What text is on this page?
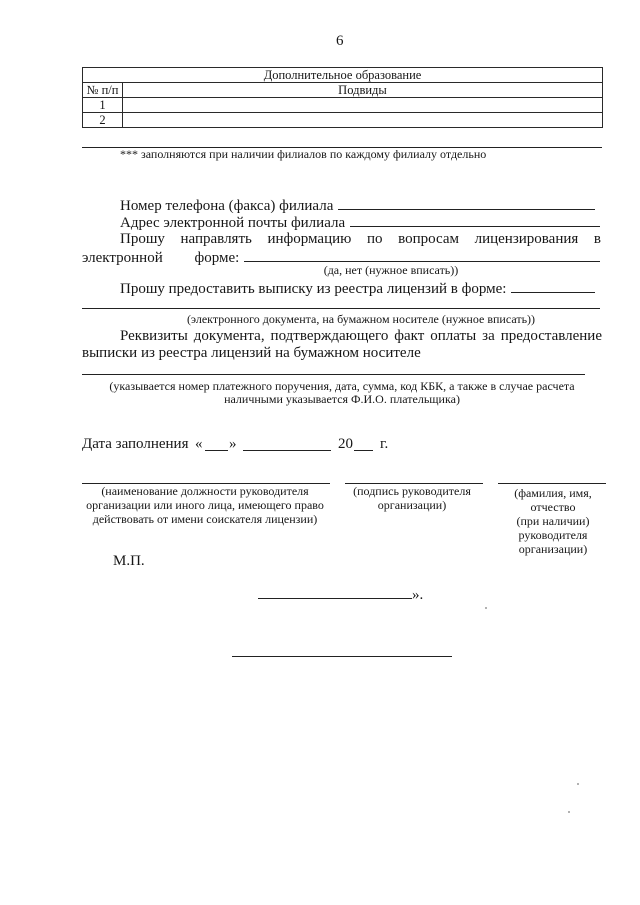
6
Дополнительное образование	
№ п/п	Подвиды
1	
2	
*** заполняются при наличии филиалов по каждому филиалу отдельно
Номер телефона (факса) филиала
Адрес электронной почты филиала
Прошу направлять информацию по вопросам лицензирования в
электронной форме:
(да, нет (нужное вписать))
Прошу предоставить выписку из реестра лицензий в форме:
(электронного документа, на бумажном носителе (нужное вписать))
Реквизиты документа, подтверждающего факт оплаты за предоставление
выписки из реестра лицензий на бумажном носителе
(указывается номер платежного поручения, дата, сумма, код КБК, а также в случае расчета
наличными указывается Ф.И.О. плательщика)
Дата заполнения « »	20 г.
(наименование должности руководителя
организации или иного лица, имеющего право
действовать от имени соискателя лицензии)
(подпись руководителя
организации)
(фамилия, имя,
отчество
(при наличии)
руководителя
организации)
М.П.
».
